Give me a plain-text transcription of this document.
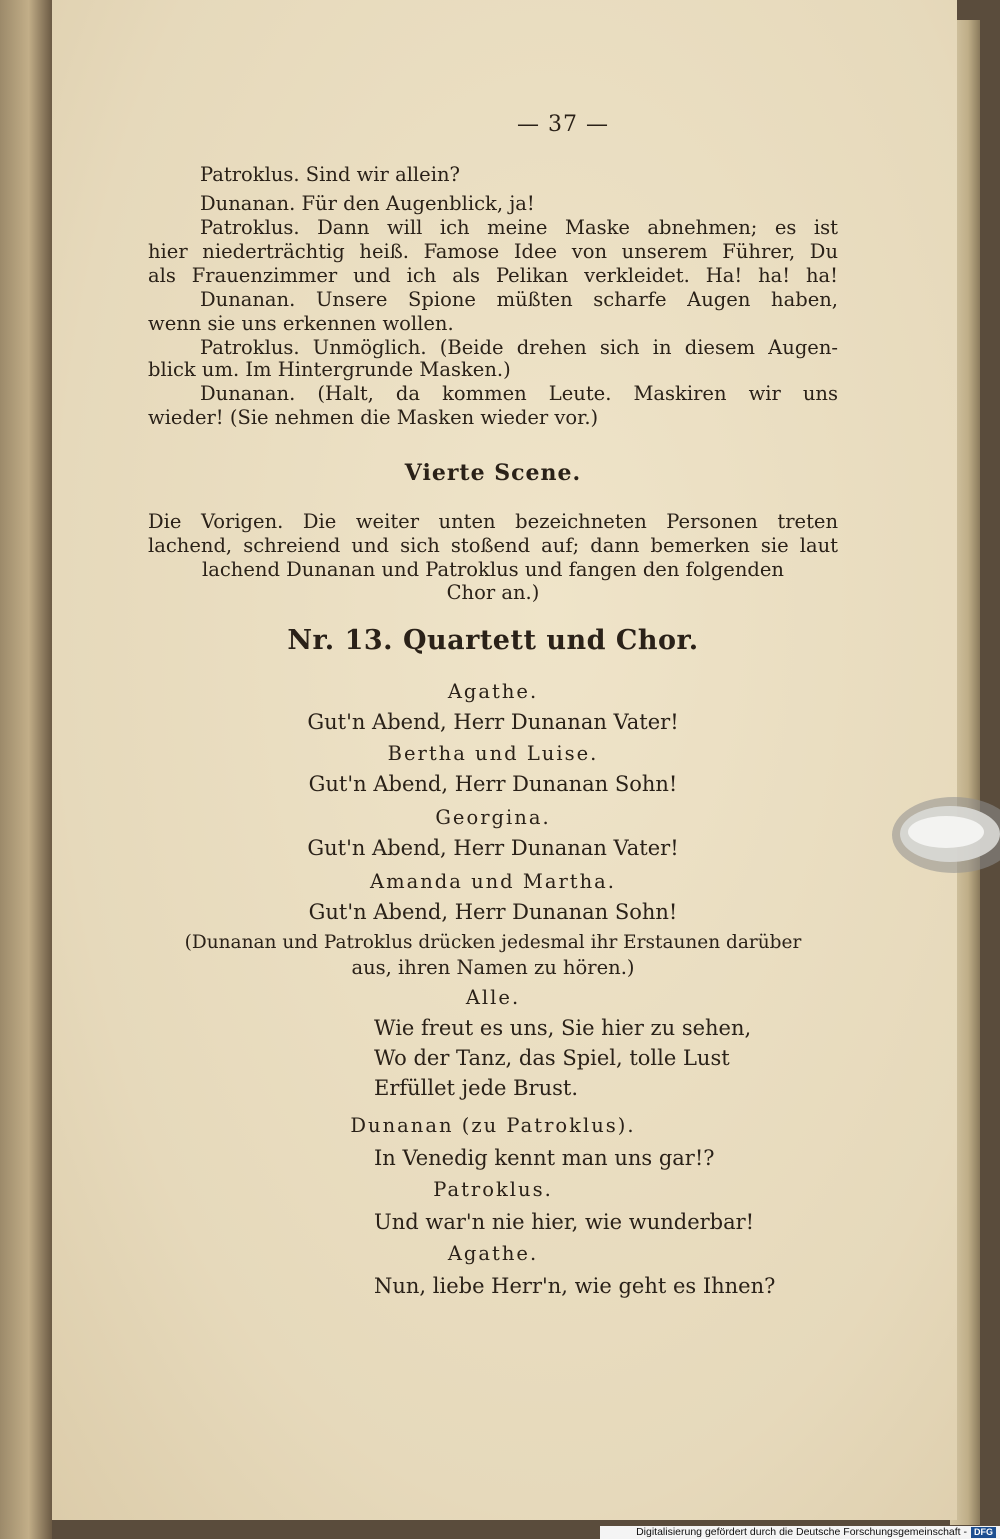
— 37 —
Patroklus. Sind wir allein?
Dunanan. Für den Augenblick, ja!
Patroklus. Dann will ich meine Maske abnehmen; es ist
hier niederträchtig heiß. Famose Idee von unserem Führer, Du
als Frauenzimmer und ich als Pelikan verkleidet. Ha! ha! ha!
Dunanan. Unsere Spione müßten scharfe Augen haben,
wenn sie uns erkennen wollen.
Patroklus. Unmöglich. (Beide drehen sich in diesem Augen-
blick um. Im Hintergrunde Masken.)
Dunanan. (Halt, da kommen Leute. Maskiren wir uns
wieder! (Sie nehmen die Masken wieder vor.)
Vierte Scene.
Die Vorigen. Die weiter unten bezeichneten Personen treten
lachend, schreiend und sich stoßend auf; dann bemerken sie laut
lachend Dunanan und Patroklus und fangen den folgenden
Chor an.)
Nr. 13. Quartett und Chor.
Agathe.
Gut'n Abend, Herr Dunanan Vater!
Bertha und Luise.
Gut'n Abend, Herr Dunanan Sohn!
Georgina.
Gut'n Abend, Herr Dunanan Vater!
Amanda und Martha.
Gut'n Abend, Herr Dunanan Sohn!
(Dunanan und Patroklus drücken jedesmal ihr Erstaunen darüber
aus, ihren Namen zu hören.)
Alle.
Wie freut es uns, Sie hier zu sehen,
Wo der Tanz, das Spiel, tolle Lust
Erfüllet jede Brust.
Dunanan (zu Patroklus).
In Venedig kennt man uns gar!?
Patroklus.
Und war'n nie hier, wie wunderbar!
Agathe.
Nun, liebe Herr'n, wie geht es Ihnen?
Digitalisierung gefördert durch die Deutsche Forschungsgemeinschaft - DFG
